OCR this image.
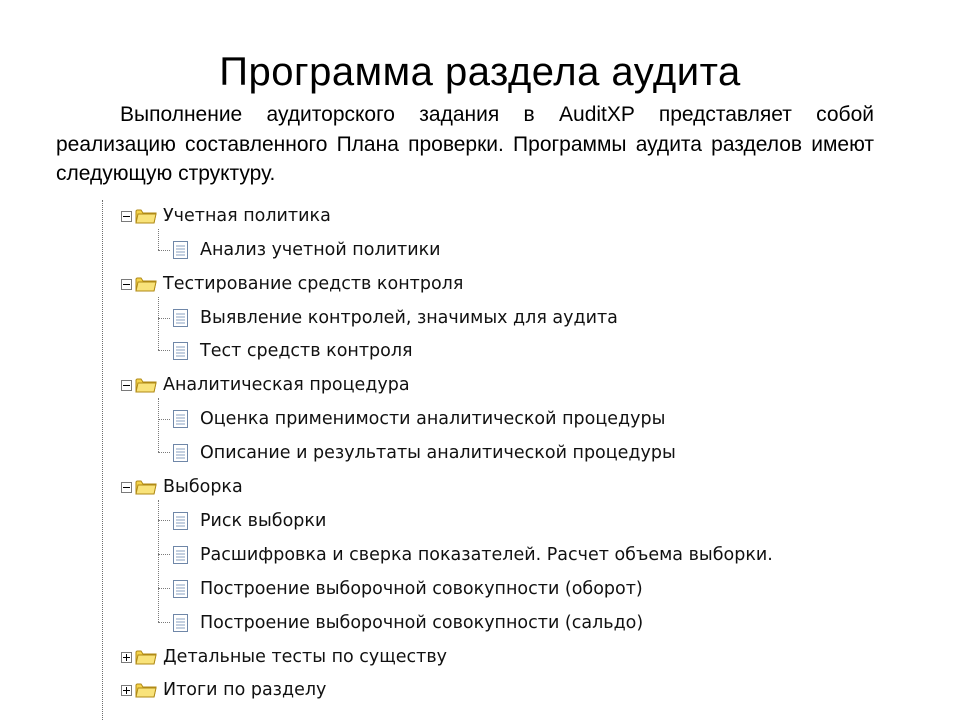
Программа раздела аудита
Выполнение аудиторского задания в AuditXP представляет собой реализацию составленного Плана проверки. Программы аудита разделов имеют следующую структуру.
Учетная политика
Анализ учетной политики
Тестирование средств контроля
Выявление контролей, значимых для аудита
Тест средств контроля
Аналитическая процедура
Оценка применимости аналитической процедуры
Описание и результаты аналитической процедуры
Выборка
Риск выборки
Расшифровка и сверка показателей. Расчет объема выборки.
Построение выборочной совокупности (оборот)
Построение выборочной совокупности (сальдо)
Детальные тесты по существу
Итоги по разделу
